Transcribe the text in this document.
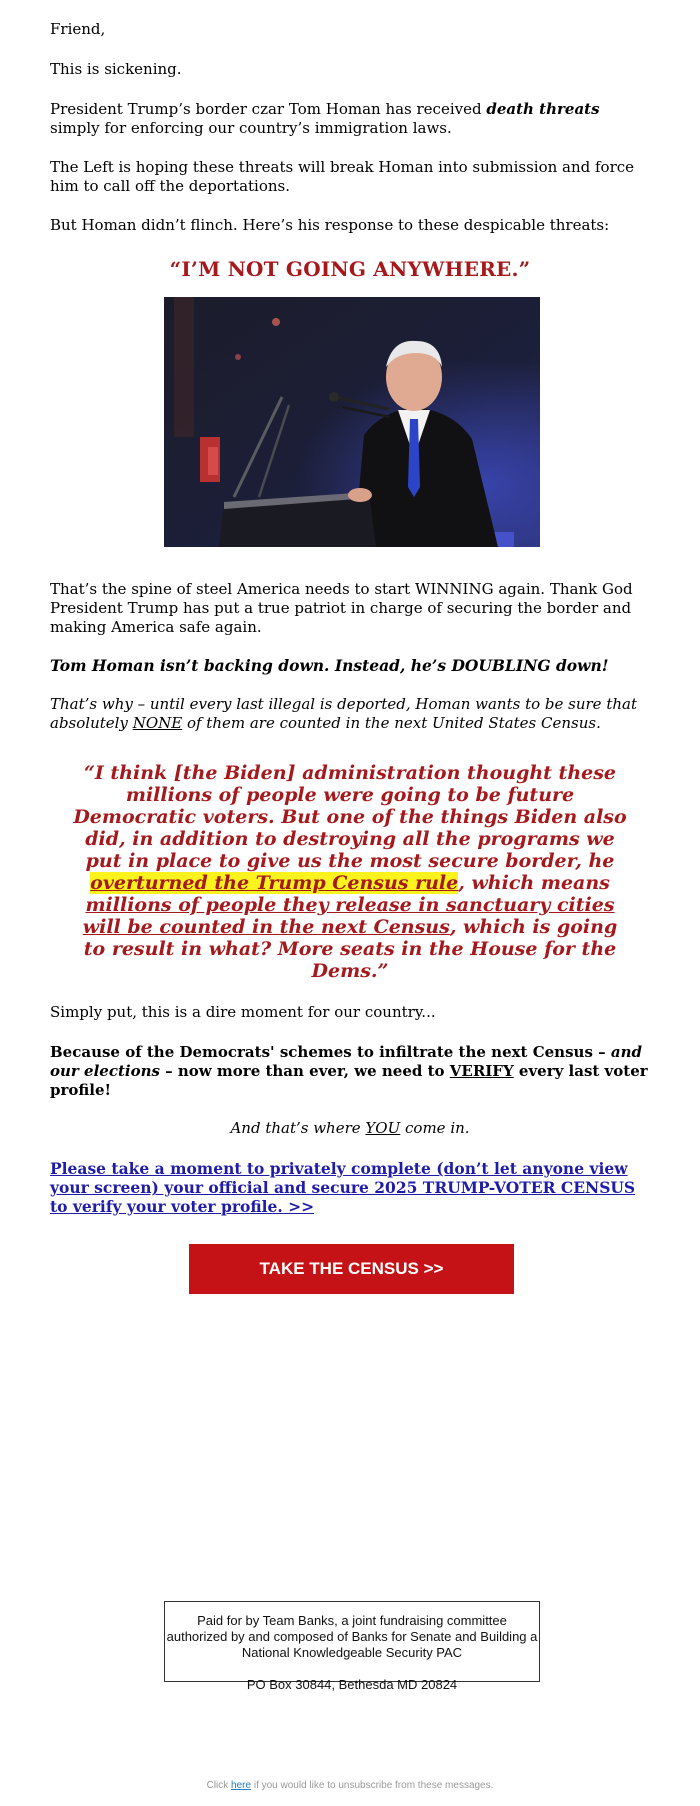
Friend,

This is sickening.

President Trump’s border czar Tom Homan has received death threats simply for enforcing our country’s immigration laws.

The Left is hoping these threats will break Homan into submission and force him to call off the deportations.

But Homan didn’t flinch. Here’s his response to these despicable threats:

“I’M NOT GOING ANYWHERE.”

That’s the spine of steel America needs to start WINNING again. Thank God President Trump has put a true patriot in charge of securing the border and making America safe again.

Tom Homan isn’t backing down. Instead, he’s DOUBLING down!

That’s why – until every last illegal is deported, Homan wants to be sure that absolutely NONE of them are counted in the next United States Census.

“I think [the Biden] administration thought these millions of people were going to be future Democratic voters. But one of the things Biden also did, in addition to destroying all the programs we put in place to give us the most secure border, he overturned the Trump Census rule, which means millions of people they release in sanctuary cities will be counted in the next Census, which is going to result in what? More seats in the House for the Dems.”

Simply put, this is a dire moment for our country...

Because of the Democrats' schemes to infiltrate the next Census – and our elections – now more than ever, we need to VERIFY every last voter profile!

And that’s where YOU come in.

Please take a moment to privately complete (don’t let anyone view your screen) your official and secure 2025 TRUMP-VOTER CENSUS to verify your voter profile. >>
TAKE THE CENSUS >>
Paid for by Team Banks, a joint fundraising committee authorized by and composed of Banks for Senate and Building a National Knowledgeable Security PAC
PO Box 30844, Bethesda MD 20824
Click here if you would like to unsubscribe from these messages.
